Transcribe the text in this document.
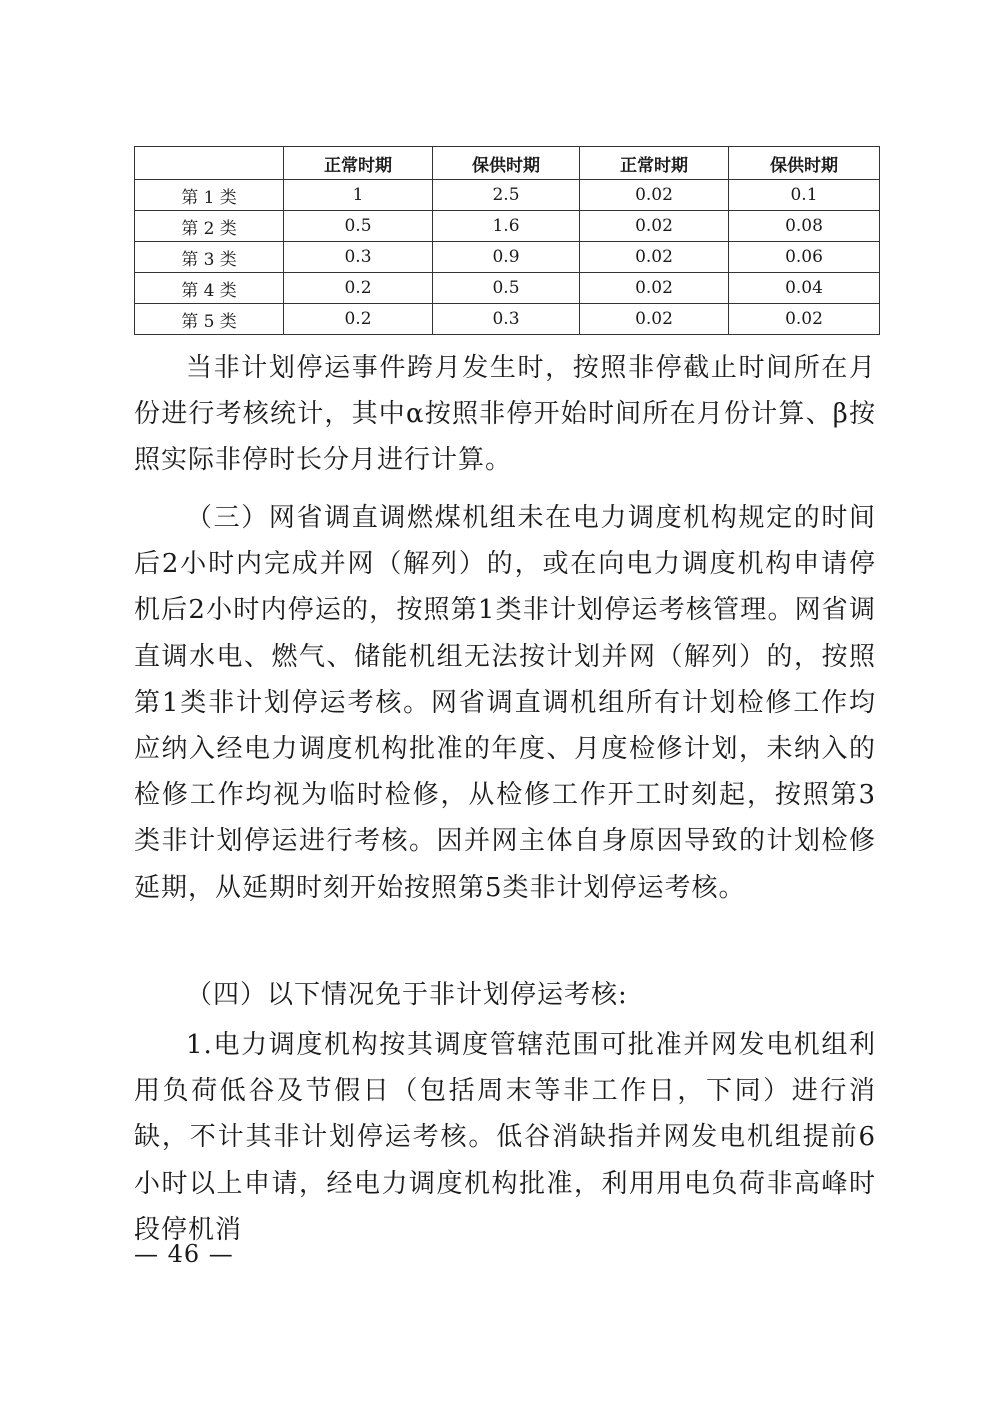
	正常时期	保供时期	正常时期	保供时期
第 1 类	1	2.5	0.02	0.1
第 2 类	0.5	1.6	0.02	0.08
第 3 类	0.3	0.9	0.02	0.06
第 4 类	0.2	0.5	0.02	0.04
第 5 类	0.2	0.3	0.02	0.02

当非计划停运事件跨月发生时，按照非停截止时间所在月份进行考核统计，其中α按照非停开始时间所在月份计算、β按照实际非停时长分月进行计算。

（三）网省调直调燃煤机组未在电力调度机构规定的时间后2小时内完成并网（解列）的，或在向电力调度机构申请停机后2小时内停运的，按照第1类非计划停运考核管理。网省调直调水电、燃气、储能机组无法按计划并网（解列）的，按照第1类非计划停运考核。网省调直调机组所有计划检修工作均应纳入经电力调度机构批准的年度、月度检修计划，未纳入的检修工作均视为临时检修，从检修工作开工时刻起，按照第3类非计划停运进行考核。因并网主体自身原因导致的计划检修延期，从延期时刻开始按照第5类非计划停运考核。

（四）以下情况免于非计划停运考核:

1.电力调度机构按其调度管辖范围可批准并网发电机组利用负荷低谷及节假日（包括周末等非工作日，下同）进行消缺，不计其非计划停运考核。低谷消缺指并网发电机组提前6小时以上申请，经电力调度机构批准，利用用电负荷非高峰时段停机消

— 46 —
